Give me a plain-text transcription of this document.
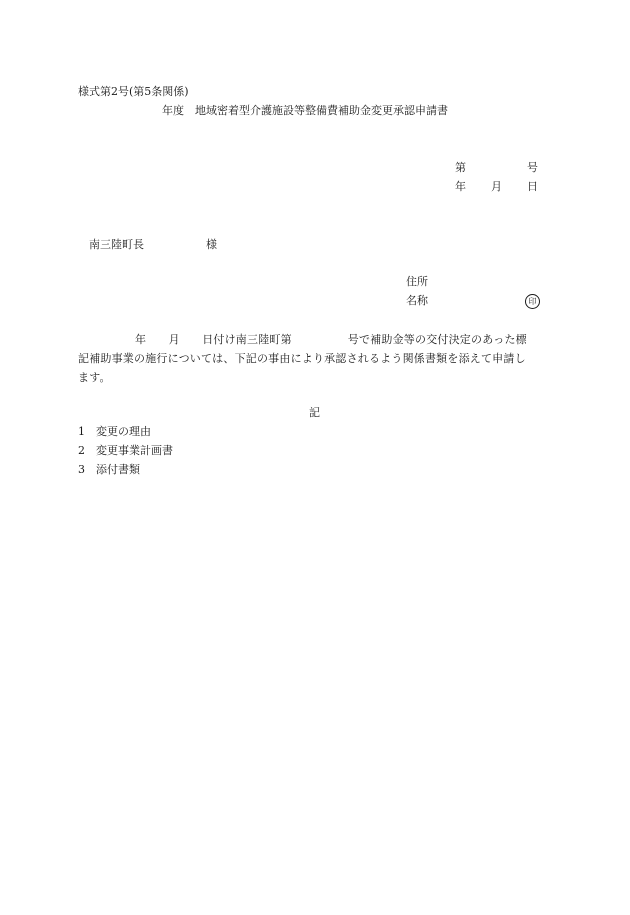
様式第2号(第5条関係)
年度　地域密着型介護施設等整備費補助金変更承認申請書
第	号
年 月 日
南三陸町長	様
住所
名称	印
年　　月　　日付け南三陸町第　　　　　号で補助金等の交付決定のあった標
記補助事業の施行については、下記の事由により承認されるよう関係書類を添えて申請し
ます。
記
1 変更の理由
2 変更事業計画書
3 添付書類
